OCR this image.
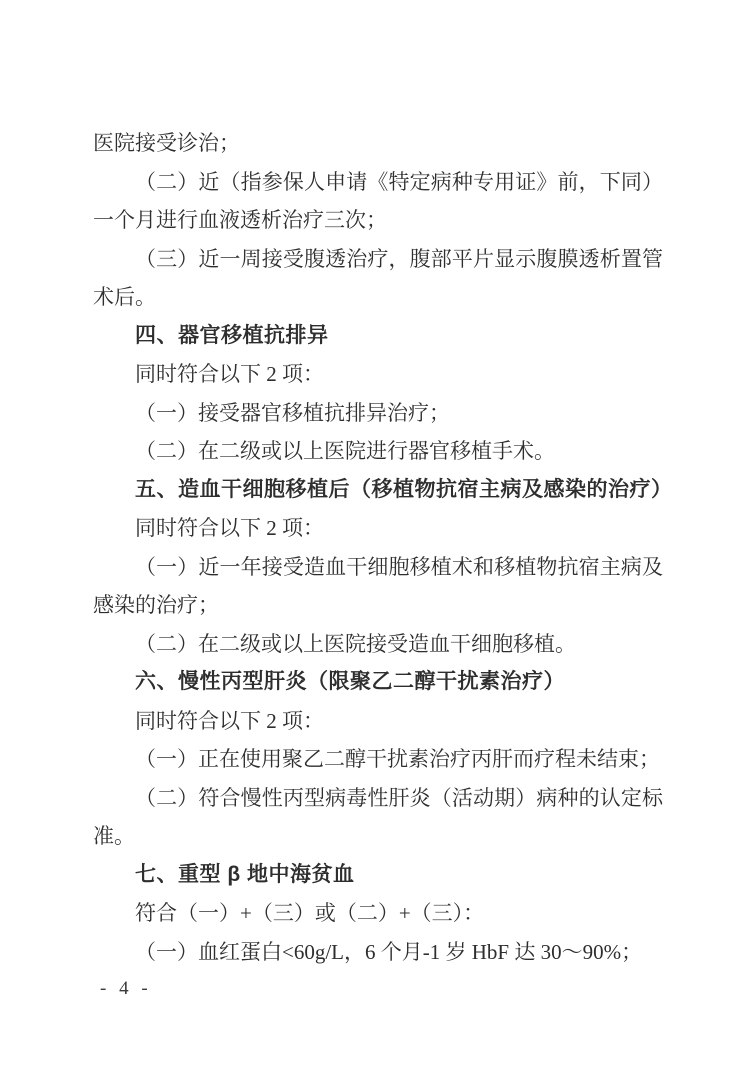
医院接受诊治；

（二）近（指参保人申请《特定病种专用证》前，下同）一个月进行血液透析治疗三次；

（三）近一周接受腹透治疗，腹部平片显示腹膜透析置管术后。

四、器官移植抗排异

同时符合以下 2 项：

（一）接受器官移植抗排异治疗；

（二）在二级或以上医院进行器官移植手术。

五、造血干细胞移植后（移植物抗宿主病及感染的治疗）

同时符合以下 2 项：

（一）近一年接受造血干细胞移植术和移植物抗宿主病及感染的治疗；

（二）在二级或以上医院接受造血干细胞移植。

六、慢性丙型肝炎（限聚乙二醇干扰素治疗）

同时符合以下 2 项：

（一）正在使用聚乙二醇干扰素治疗丙肝而疗程未结束；

（二）符合慢性丙型病毒性肝炎（活动期）病种的认定标准。

七、重型 β 地中海贫血

符合（一）+（三）或（二）+（三）：

（一）血红蛋白<60g/L，6 个月-1 岁 HbF 达 30～90%；

- 4 -
